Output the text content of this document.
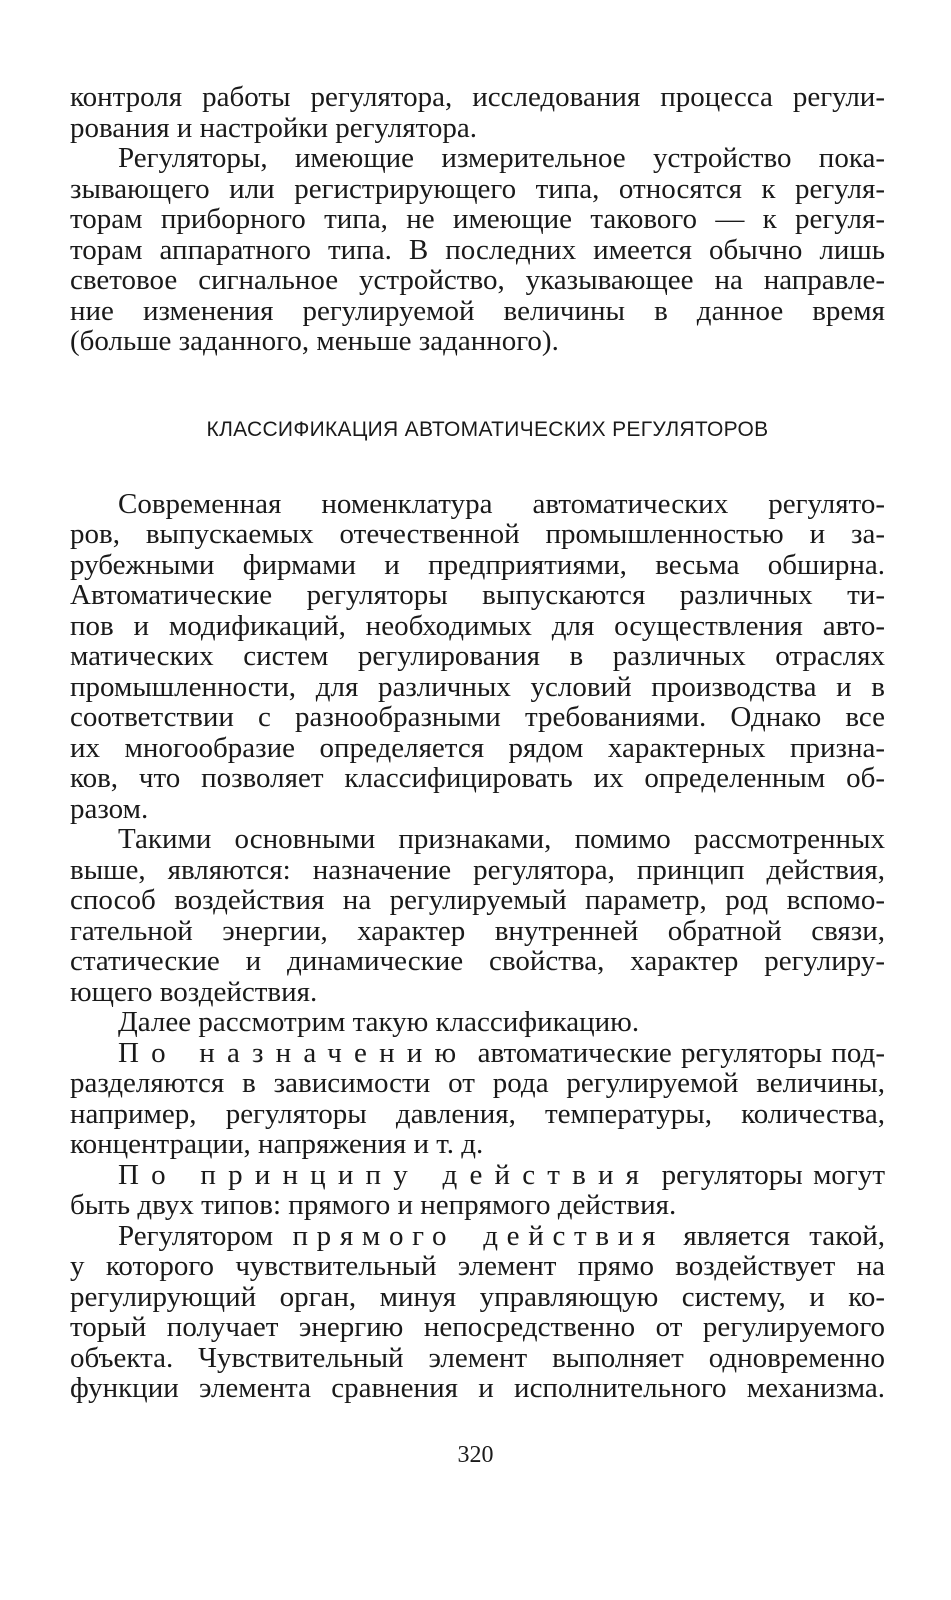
контроля работы регулятора, исследования процесса регули-
рования и настройки регулятора.
Регуляторы, имеющие измерительное устройство пока-
зывающего или регистрирующего типа, относятся к регуля-
торам приборного типа, не имеющие такового — к регуля-
торам аппаратного типа. В последних имеется обычно лишь
световое сигнальное устройство, указывающее на направле-
ние изменения регулируемой величины в данное время
(больше заданного, меньше заданного).
КЛАССИФИКАЦИЯ АВТОМАТИЧЕСКИХ РЕГУЛЯТОРОВ
Современная номенклатура автоматических регулято-
ров, выпускаемых отечественной промышленностью и за-
рубежными фирмами и предприятиями, весьма обширна.
Автоматические регуляторы выпускаются различных ти-
пов и модификаций, необходимых для осуществления авто-
матических систем регулирования в различных отраслях
промышленности, для различных условий производства и в
соответствии с разнообразными требованиями. Однако все
их многообразие определяется рядом характерных призна-
ков, что позволяет классифицировать их определенным об-
разом.
Такими основными признаками, помимо рассмотренных
выше, являются: назначение регулятора, принцип действия,
способ воздействия на регулируемый параметр, род вспомо-
гательной энергии, характер внутренней обратной связи,
статические и динамические свойства, характер регулиру-
ющего воздействия.
Далее рассмотрим такую классификацию.
По назначению автоматические регуляторы под-
разделяются в зависимости от рода регулируемой величины,
например, регуляторы давления, температуры, количества,
концентрации, напряжения и т. д.
По принципу действия регуляторы могут
быть двух типов: прямого и непрямого действия.
Регулятором прямого действия является такой,
у которого чувствительный элемент прямо воздействует на
регулирующий орган, минуя управляющую систему, и ко-
торый получает энергию непосредственно от регулируемого
объекта. Чувствительный элемент выполняет одновременно
функции элемента сравнения и исполнительного механизма.
320
